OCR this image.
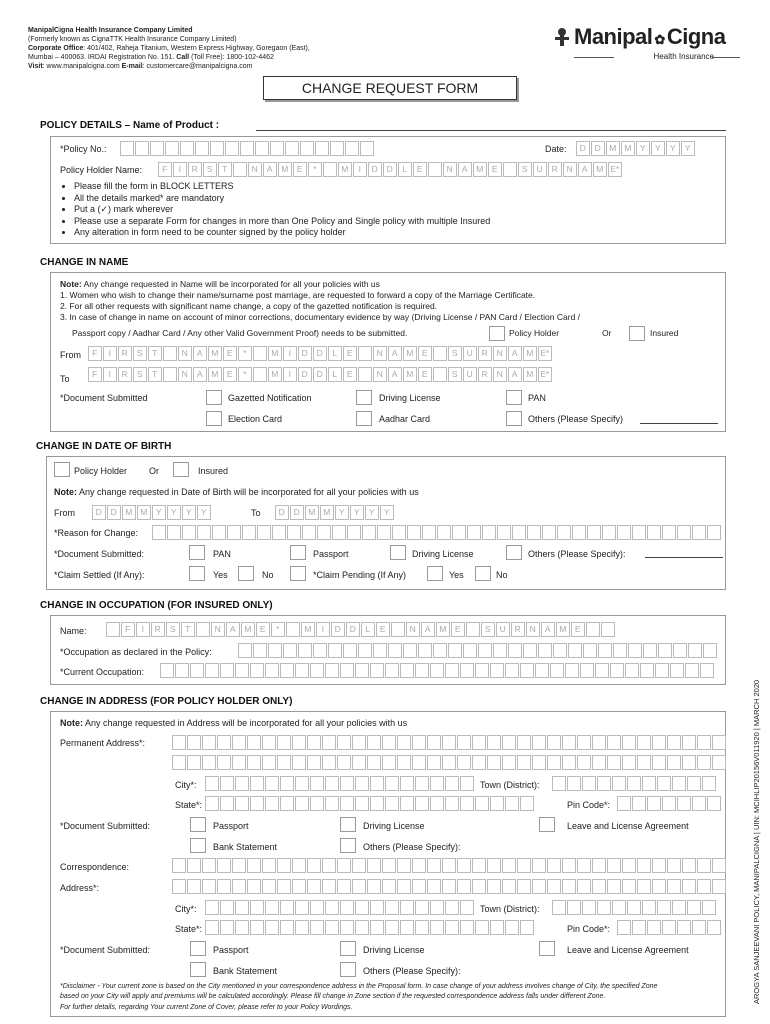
ManipalCigna Health Insurance Company Limited
(Formerly known as CignaTTK Health Insurance Company Limited)
Corporate Office: 401/402, Raheja Titanium, Western Express Highway, Goregaon (East),
Mumbai – 400063. IRDAI Registration No. 151. Call (Toll Free): 1800-102-4462
Visit: www.manipalcigna.com E-mail: customercare@manipalcigna.com
Manipal ✿Cigna
Health Insurance
CHANGE REQUEST FORM
POLICY DETAILS – Name of Product :
*Policy No.:	Date:	D	D M M	Y	Y	Y	Y
Policy Holder Name:	F	I	R	S	T	N	A	M	E	*	M	I	D	D	L	E	N	A	M	E	S	U	R	N	A	M E*
• Please fill the form in BLOCK LETTERS
• All the details marked* are mandatory
• Put a (✓) mark wherever
• Please use a separate Form for changes in more than One Policy and Single policy with multiple Insured
• Any alteration in form need to be counter signed by the policy holder
CHANGE IN NAME
Note: Any change requested in Name will be incorporated for all your policies with us
1. Women who wish to change their name/surname post marriage, are requested to forward a copy of the Marriage Certificate.
2. For all other requests with significant name change, a copy of the gazetted notification is required.
3. In case of change in name on account of minor corrections, documentary evidence by way (Driving License / PAN Card / Election Card /
Passport copy / Aadhar Card / Any other Valid Government Proof) needs to be submitted.	Policy Holder	Or	Insured
From	F	I	R	S	T	N	A	M	E	*	M	I	D	D	L	E	N	A	M	E	S	U	R	N	A	M E*
To	F	I	R	S	T	N	A	M	E	*	M	I	D	D	L	E	N	A	M	E	S	U	R	N	A	M E*
*Document Submitted	Gazetted Notification	Driving License	PAN
Election Card	Aadhar Card	Others (Please Specify)
CHANGE IN DATE OF BIRTH
Policy Holder Or	Insured
Note: Any change requested in Date of Birth will be incorporated for all your policies with us
From	D	D M M	Y	Y	Y	Y	To	D	D M M	Y	Y	Y	Y
*Reason for Change:
*Document Submitted:	PAN	Passport	Driving License	Others (Please Specify):
*Claim Settled (If Any):	Yes	No	*Claim Pending (If Any)	Yes	No
CHANGE IN OCCUPATION (FOR INSURED ONLY)
Name:	F	I	R	S	T	N	A	M	E	*	M	I	D	D	L	E	N	A	M	E	S	U	R	N	A	M	E
*Occupation as declared in the Policy:
*Current Occupation:
CHANGE IN ADDRESS (FOR POLICY HOLDER ONLY)
Note: Any change requested in Address will be incorporated for all your policies with us
Permanent Address*:
City*:	Town (District):
State*:	Pin Code*:
*Document Submitted:	Passport	Driving License	Leave and License Agreement
Bank Statement	Others (Please Specify):
Correspondence:
Address*:
City*:	Town (District):
State*:	Pin Code*:
*Document Submitted:	Passport	Driving License	Leave and License Agreement
Bank Statement	Others (Please Specify):
*Disclaimer - Your current zone is based on the City mentioned in your correspondence address in the Proposal form. In case change of your address involves change of City, the specified Zone
based on your City will apply and premiums will be calculated accordingly. Please fill change in Zone section if the requested correspondence address falls under different Zone.
For further details, regarding Your current Zone of Cover, please refer to your Policy Wordings.
AROGYA SANJEEVANI POLICY, MANIPALCIGNA | UIN: MCIHLIP20156V011920 | MARCH 2020
